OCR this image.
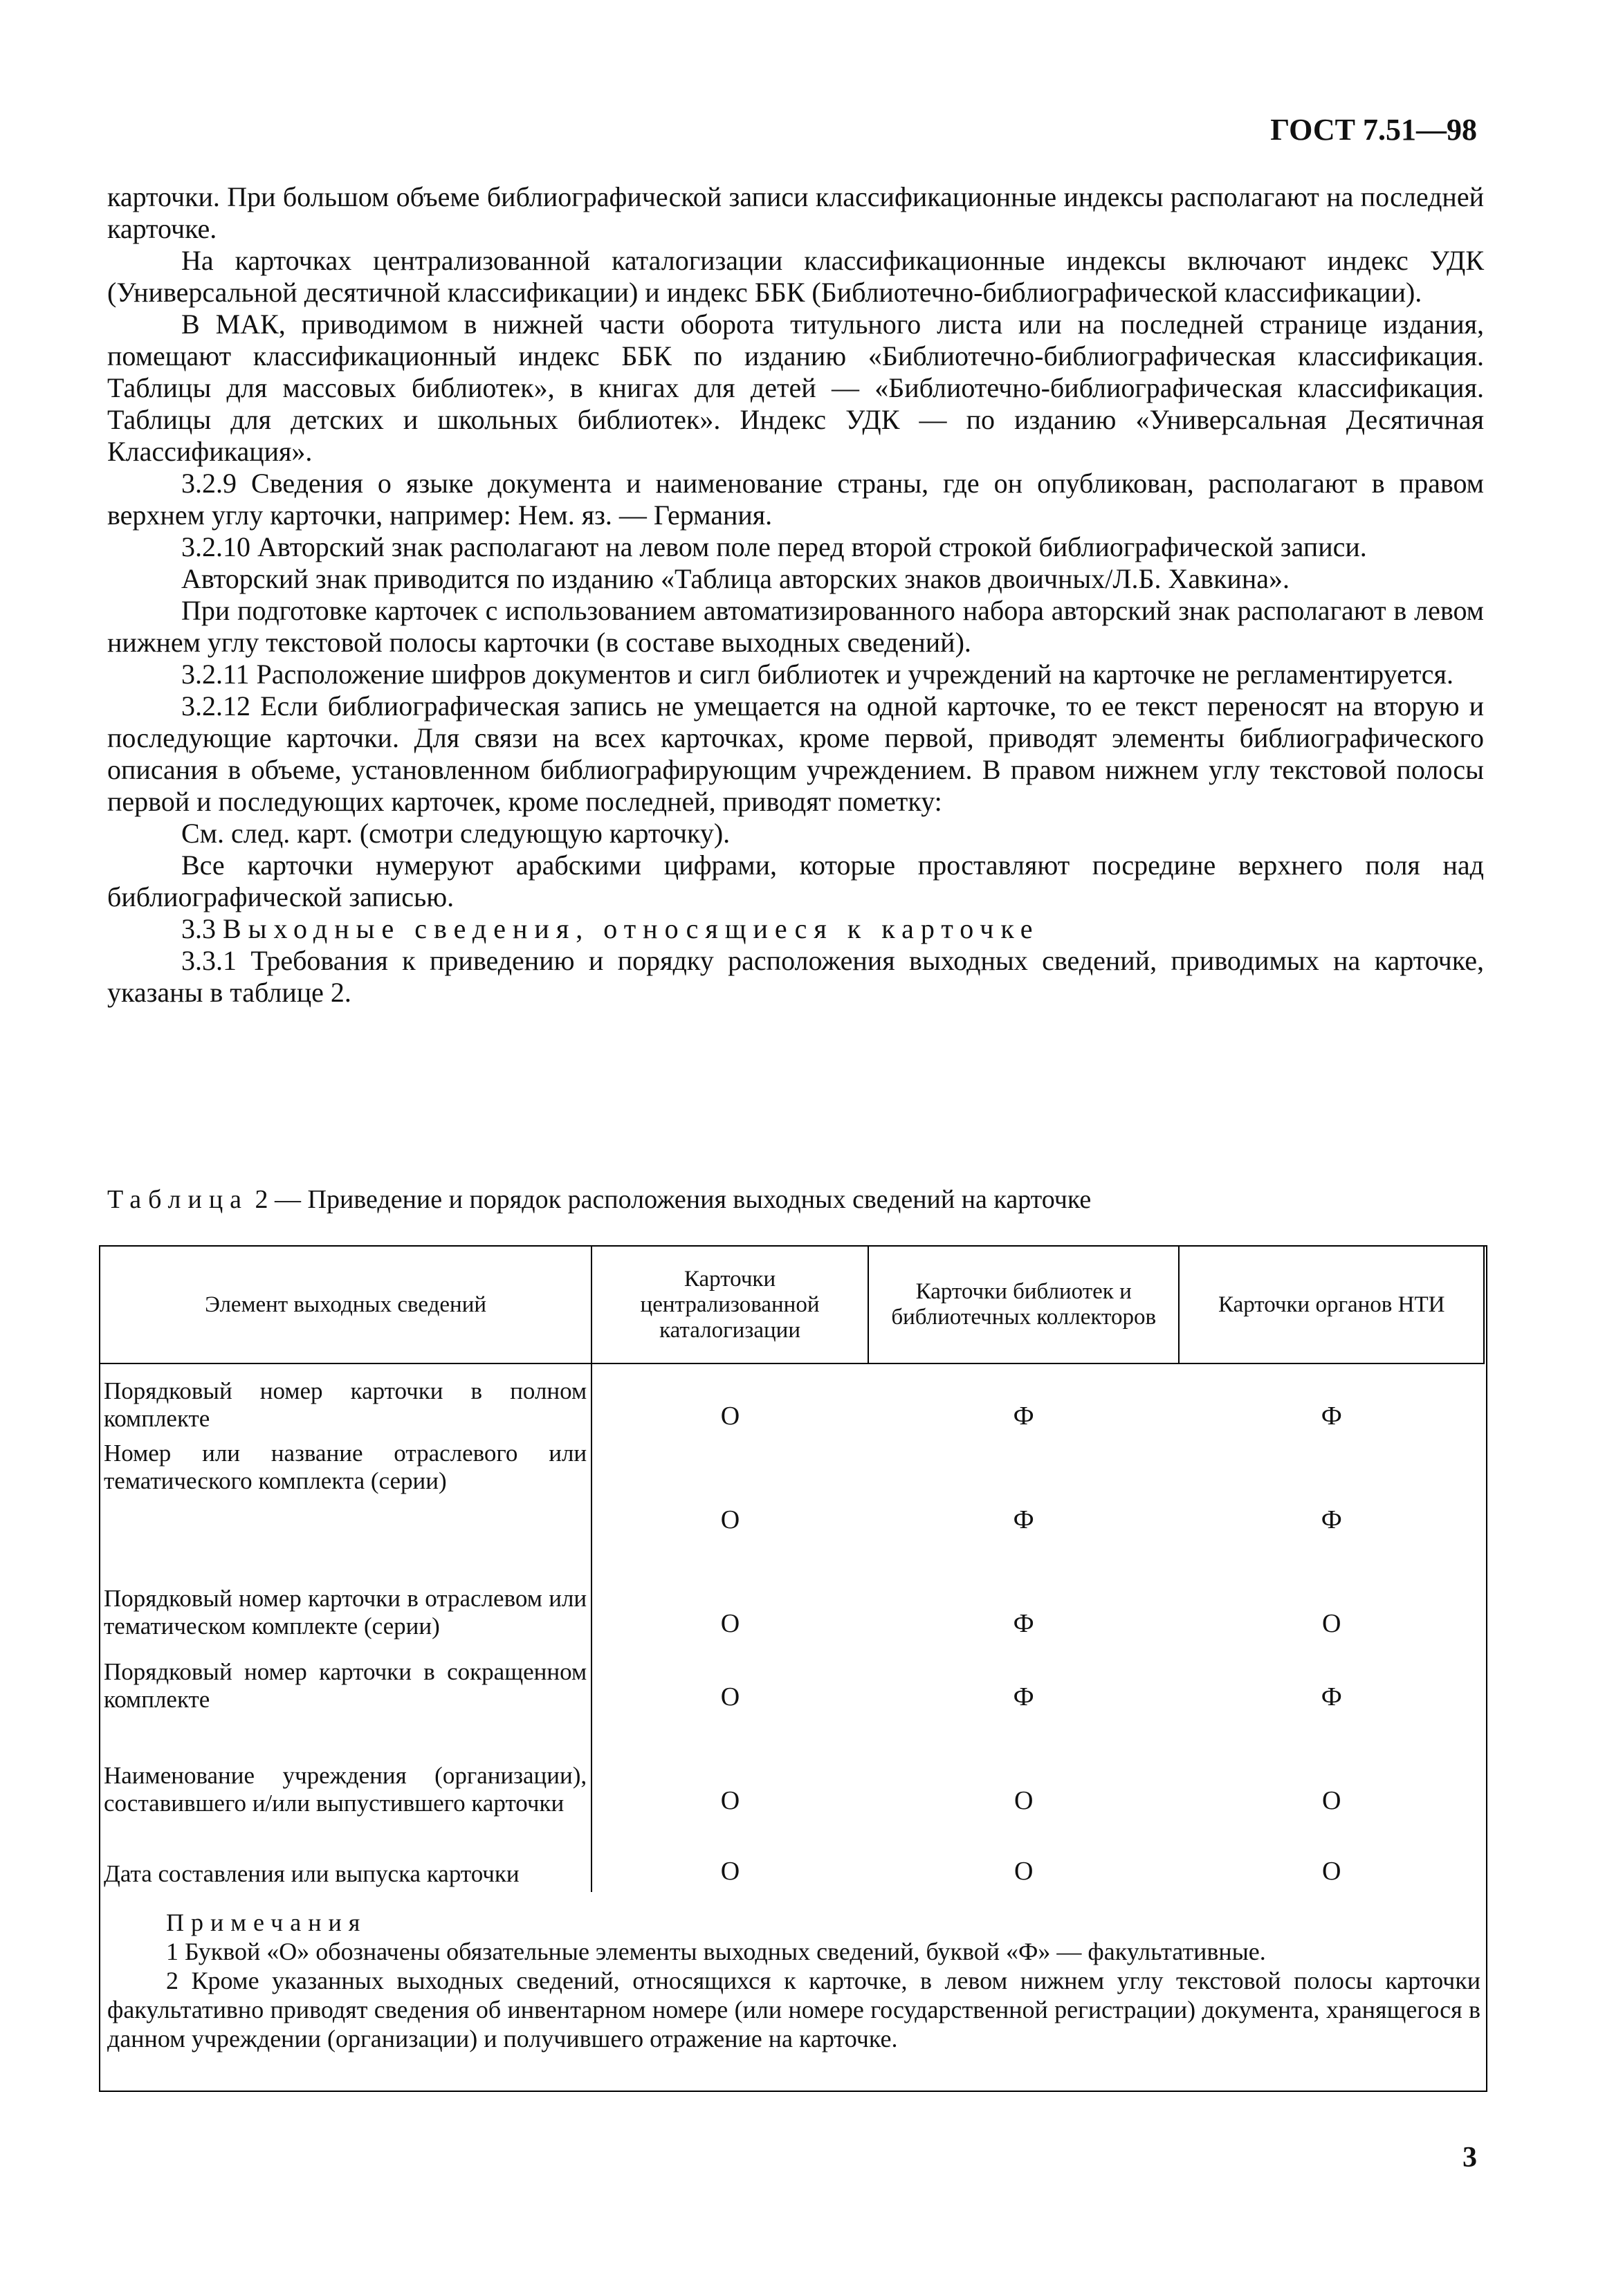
ГОСТ 7.51—98

карточки. При большом объеме библиографической записи классификационные индексы располагают на последней карточке.

На карточках централизованной каталогизации классификационные индексы включают индекс УДК (Универсальной десятичной классификации) и индекс ББК (Библиотечно-библиографической классификации).

В МАК, приводимом в нижней части оборота титульного листа или на последней странице издания, помещают классификационный индекс ББК по изданию «Библиотечно-библиографическая классификация. Таблицы для массовых библиотек», в книгах для детей — «Библиотечно-библиографическая классификация. Таблицы для детских и школьных библиотек». Индекс УДК — по изданию «Универсальная Десятичная Классификация».

3.2.9 Сведения о языке документа и наименование страны, где он опубликован, располагают в правом верхнем углу карточки, например: Нем. яз. — Германия.

3.2.10 Авторский знак располагают на левом поле перед второй строкой библиографической записи.

Авторский знак приводится по изданию «Таблица авторских знаков двоичных/Л.Б. Хавкина».

При подготовке карточек с использованием автоматизированного набора авторский знак располагают в левом нижнем углу текстовой полосы карточки (в составе выходных сведений).

3.2.11 Расположение шифров документов и сигл библиотек и учреждений на карточке не регламентируется.

3.2.12 Если библиографическая запись не умещается на одной карточке, то ее текст переносят на вторую и последующие карточки. Для связи на всех карточках, кроме первой, приводят элементы библиографического описания в объеме, установленном библиографирующим учреждением. В правом нижнем углу текстовой полосы первой и последующих карточек, кроме последней, приводят пометку:

См. след. карт. (смотри следующую карточку).

Все карточки нумеруют арабскими цифрами, которые проставляют посредине верхнего поля над библиографической записью.

3.3 Выходные сведения, относящиеся к карточке

3.3.1 Требования к приведению и порядку расположения выходных сведений, приводимых на карточке, указаны в таблице 2.

Таблица 2 — Приведение и порядок расположения выходных сведений на карточке
Элемент выходных сведений	Карточки централизованной каталогизации	Карточки библиотек и библиотечных коллекторов	Карточки органов НТИ
Порядковый номер карточки в полном комплекте	О	Ф	Ф
Номер или название отраслевого или тематического комплекта (серии)	О	Ф	Ф
Порядковый номер карточки в отраслевом или тематическом комплекте (серии)	О	Ф	О
Порядковый номер карточки в сокращенном комплекте	О	Ф	Ф
Наименование учреждения (организации), составившего и/или выпустившего карточки	О	О	О
Дата составления или выпуска карточки	О	О	О

Примечания

1 Буквой «О» обозначены обязательные элементы выходных сведений, буквой «Ф» — факультативные.

2 Кроме указанных выходных сведений, относящихся к карточке, в левом нижнем углу текстовой полосы карточки факультативно приводят сведения об инвентарном номере (или номере государственной регистрации) документа, хранящегося в данном учреждении (организации) и получившего отражение на карточке.

3
